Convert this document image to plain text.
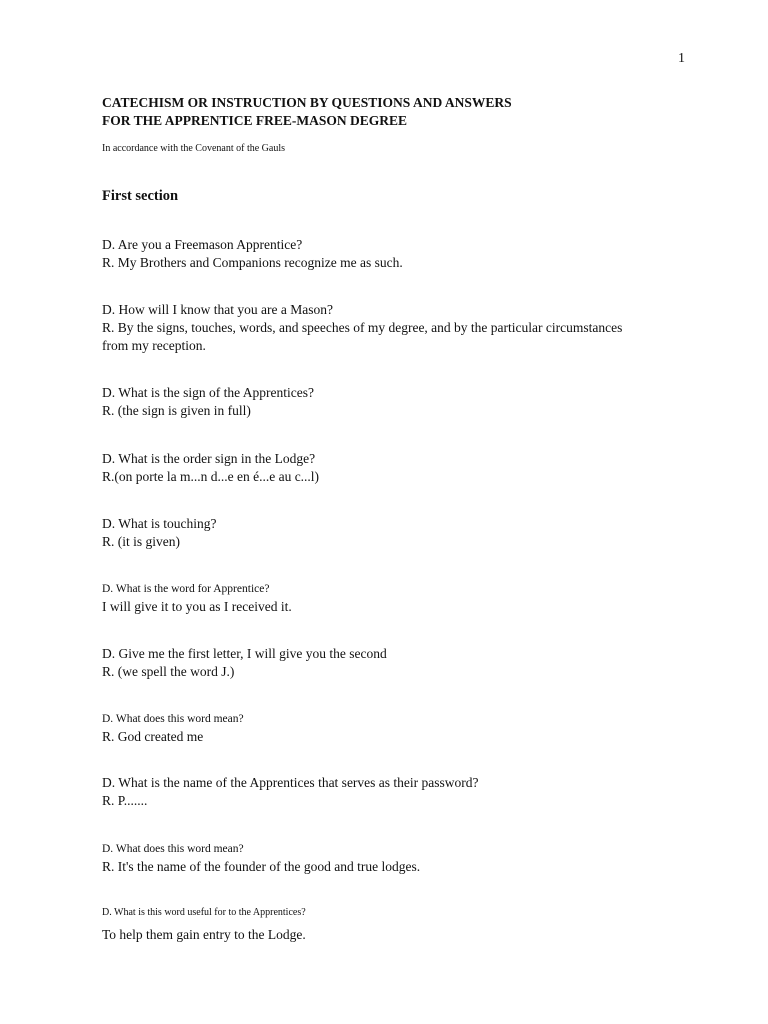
1
CATECHISM OR INSTRUCTION BY QUESTIONS AND ANSWERS
FOR THE APPRENTICE FREE-MASON DEGREE
In accordance with the Covenant of the Gauls
First section
D. Are you a Freemason Apprentice?
R. My Brothers and Companions recognize me as such.
D. How will I know that you are a Mason?
R. By the signs, touches, words, and speeches of my degree, and by the particular circumstances
from my reception.
D. What is the sign of the Apprentices?
R. (the sign is given in full)
D. What is the order sign in the Lodge?
R.(on porte la m...n d...e en é...e au c...l)
D. What is touching?
R. (it is given)
D. What is the word for Apprentice?
I will give it to you as I received it.
D. Give me the first letter, I will give you the second
R. (we spell the word J.)
D. What does this word mean?
R. God created me
D. What is the name of the Apprentices that serves as their password?
R. P.......
D. What does this word mean?
R. It's the name of the founder of the good and true lodges.
D. What is this word useful for to the Apprentices?
To help them gain entry to the Lodge.
